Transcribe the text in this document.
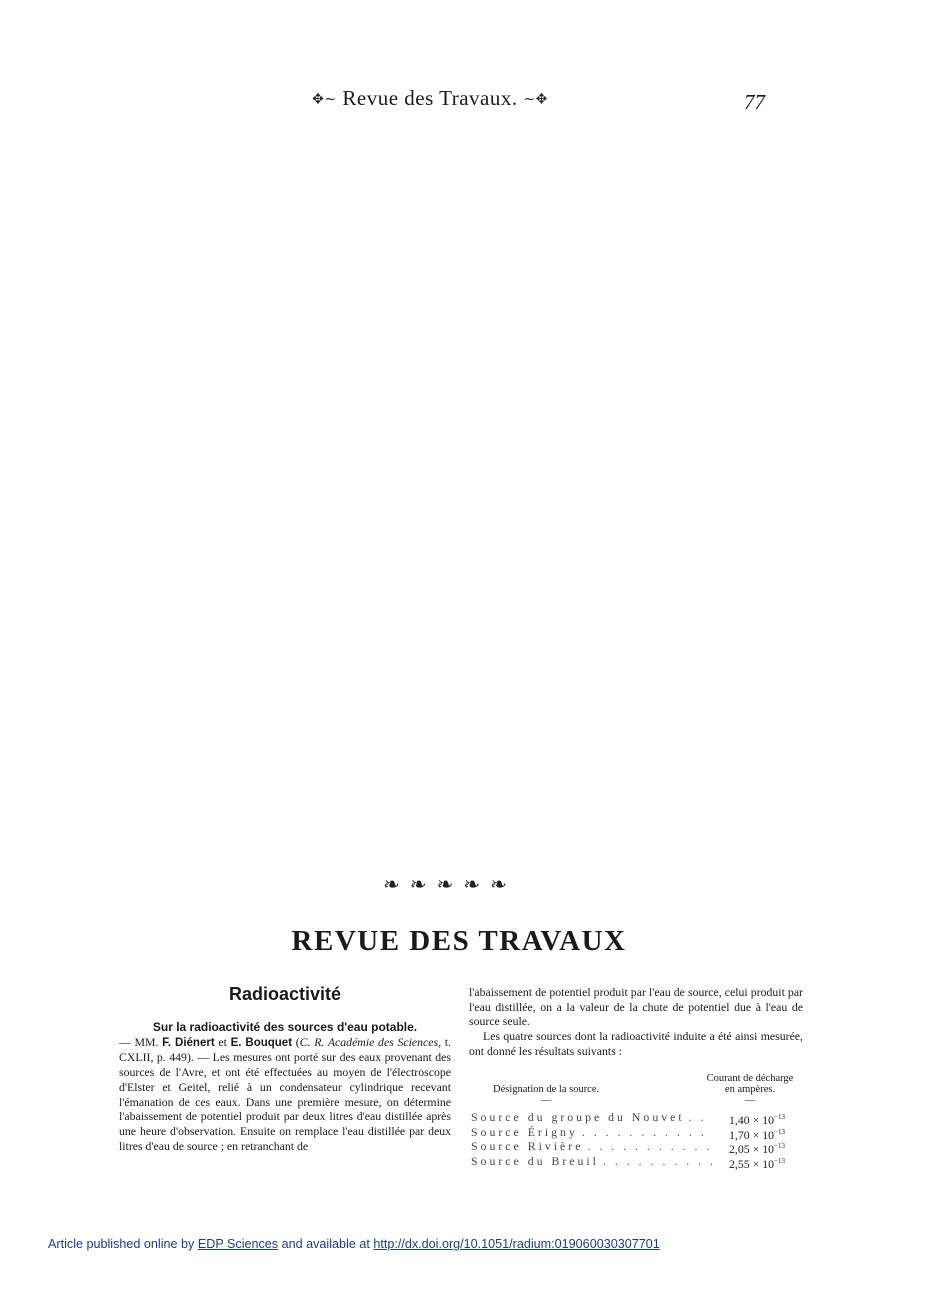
✥∼ Revue des Travaux. ∼✥	77
❧❧❧❧❧
REVUE DES TRAVAUX
Radioactivité
Sur la radioactivité des sources d'eau potable.
— MM. F. Diénert et E. Bouquet (C. R. Académie des Sciences, t. CXLII, p. 449). — Les mesures ont porté sur des eaux provenant des sources de l'Avre, et ont été effectuées au moyen de l'électroscope d'Elster et Geitel, relié à un condensateur cylindrique recevant l'émanation de ces eaux. Dans une première mesure, on détermine l'abaissement de potentiel produit par deux litres d'eau distillée après une heure d'observation. Ensuite on remplace l'eau distillée par deux litres d'eau de source ; en retranchant de

l'abaissement de potentiel produit par l'eau de source, celui produit par l'eau distillée, on a la valeur de la chute de potentiel due à l'eau de source seule.

Les quatre sources dont la radioactivité induite a été ainsi mesurée, ont donné les résultats suivants :

Désignation de la source.
—
Courant de décharge
en ampères.
—
Source du groupe du Nouvet . . .	$1,40 \times 10^{-13}$
Source Érigny . . .	$1,70 \times 10^{-13}$
Source Rivière . . .	$2,05 \times 10^{-13}$
Source du Breuil . . .	$2,55 \times 10^{-13}$
Article published online by EDP Sciences and available at http://dx.doi.org/10.1051/radium:019060030307701
